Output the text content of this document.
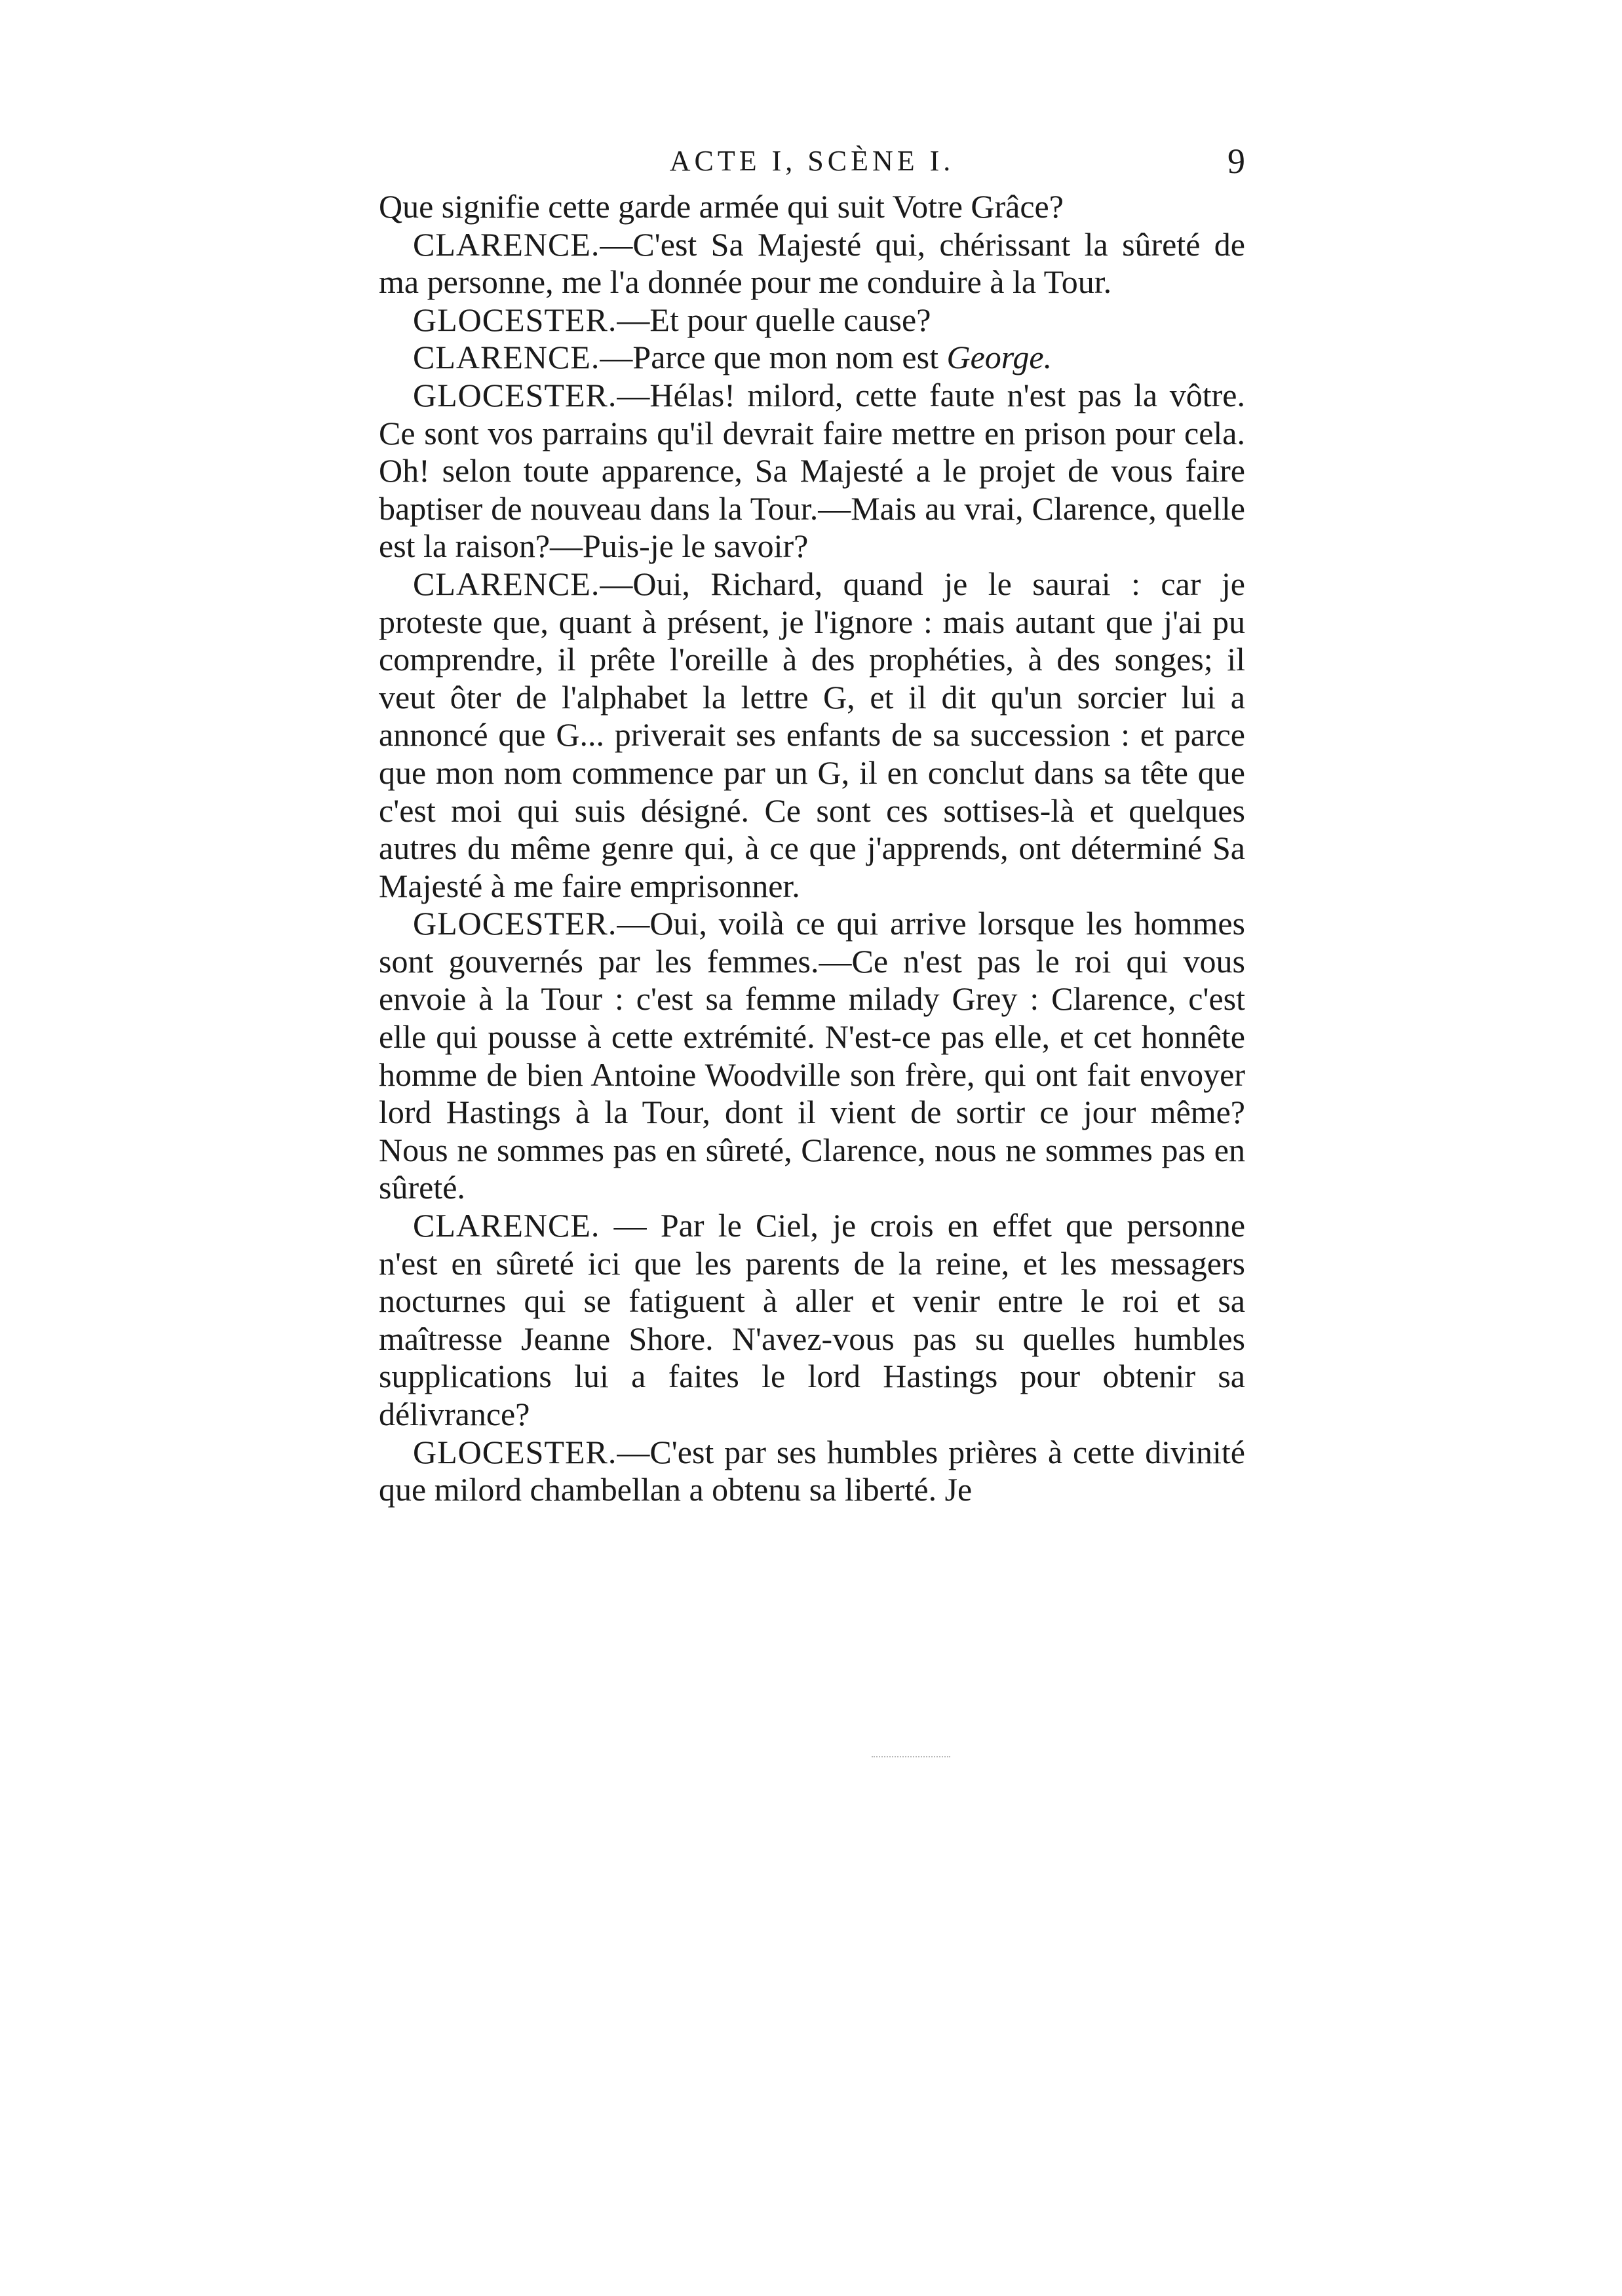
ACTE I, SCÈNE I.	9

Que signifie cette garde armée qui suit Votre Grâce?

CLARENCE.—C'est Sa Majesté qui, chérissant la sûreté de ma personne, me l'a donnée pour me conduire à la Tour.

GLOCESTER.—Et pour quelle cause?

CLARENCE.—Parce que mon nom est George.

GLOCESTER.—Hélas! milord, cette faute n'est pas la vôtre. Ce sont vos parrains qu'il devrait faire mettre en prison pour cela. Oh! selon toute apparence, Sa Majesté a le projet de vous faire baptiser de nouveau dans la Tour.—Mais au vrai, Clarence, quelle est la raison?—Puis-je le savoir?

CLARENCE.—Oui, Richard, quand je le saurai : car je proteste que, quant à présent, je l'ignore : mais autant que j'ai pu comprendre, il prête l'oreille à des prophéties, à des songes; il veut ôter de l'alphabet la lettre G, et il dit qu'un sorcier lui a annoncé que G... priverait ses enfants de sa succession : et parce que mon nom commence par un G, il en conclut dans sa tête que c'est moi qui suis désigné. Ce sont ces sottises-là et quelques autres du même genre qui, à ce que j'apprends, ont déterminé Sa Majesté à me faire emprisonner.

GLOCESTER.—Oui, voilà ce qui arrive lorsque les hommes sont gouvernés par les femmes.—Ce n'est pas le roi qui vous envoie à la Tour : c'est sa femme milady Grey : Clarence, c'est elle qui pousse à cette extrémité. N'est-ce pas elle, et cet honnête homme de bien Antoine Woodville son frère, qui ont fait envoyer lord Hastings à la Tour, dont il vient de sortir ce jour même? Nous ne sommes pas en sûreté, Clarence, nous ne sommes pas en sûreté.

CLARENCE. — Par le Ciel, je crois en effet que personne n'est en sûreté ici que les parents de la reine, et les messagers nocturnes qui se fatiguent à aller et venir entre le roi et sa maîtresse Jeanne Shore. N'avez-vous pas su quelles humbles supplications lui a faites le lord Hastings pour obtenir sa délivrance?

GLOCESTER.—C'est par ses humbles prières à cette divinité que milord chambellan a obtenu sa liberté. Je
